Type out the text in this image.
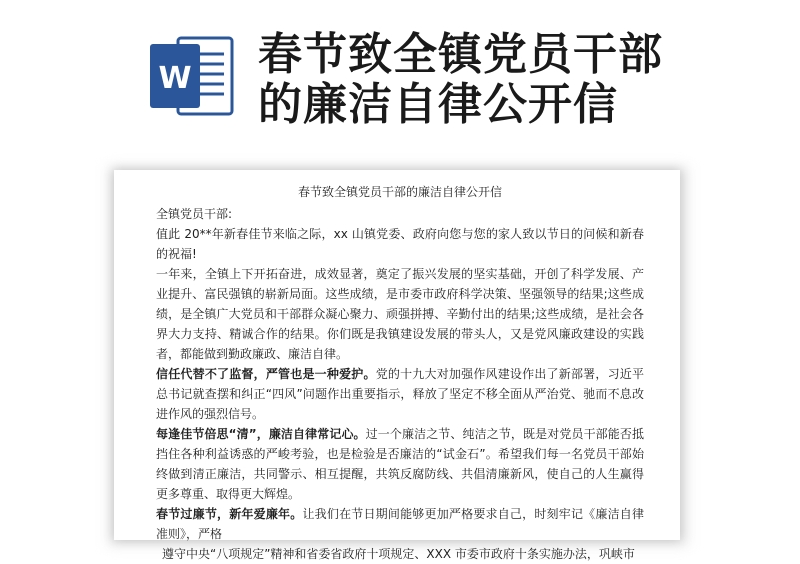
W 春节致全镇党员干部
的廉洁自律公开信
春节致全镇党员干部的廉洁自律公开信

全镇党员干部:

值此 20**年新春佳节来临之际，xx 山镇党委、政府向您与您的家人致以节日的问候和新春的祝福!

一年来，全镇上下开拓奋进，成效显著，奠定了振兴发展的坚实基础，开创了科学发展、产业提升、富民强镇的崭新局面。这些成绩，是市委市政府科学决策、坚强领导的结果;这些成绩，是全镇广大党员和干部群众凝心聚力、顽强拼搏、辛勤付出的结果;这些成绩，是社会各界大力支持、精诚合作的结果。你们既是我镇建设发展的带头人，又是党风廉政建设的实践者，都能做到勤政廉政、廉洁自律。

信任代替不了监督，严管也是一种爱护。党的十九大对加强作风建设作出了新部署，习近平总书记就查摆和纠正“四风”问题作出重要指示，释放了坚定不移全面从严治党、驰而不息改进作风的强烈信号。

每逢佳节倍思“清”，廉洁自律常记心。过一个廉洁之节、纯洁之节，既是对党员干部能否抵挡住各种利益诱惑的严峻考验，也是检验是否廉洁的“试金石”。希望我们每一名党员干部始终做到清正廉洁，共同警示、相互提醒，共筑反腐防线、共倡清廉新风，使自己的人生赢得更多尊重、取得更大辉煌。

春节过廉节，新年爱廉年。让我们在节日期间能够更加严格要求自己，时刻牢记《廉洁自律准则》，严格

遵守中央“八项规定”精神和省委省政府十项规定、XXX 市委市政府十条实施办法，巩峡市
